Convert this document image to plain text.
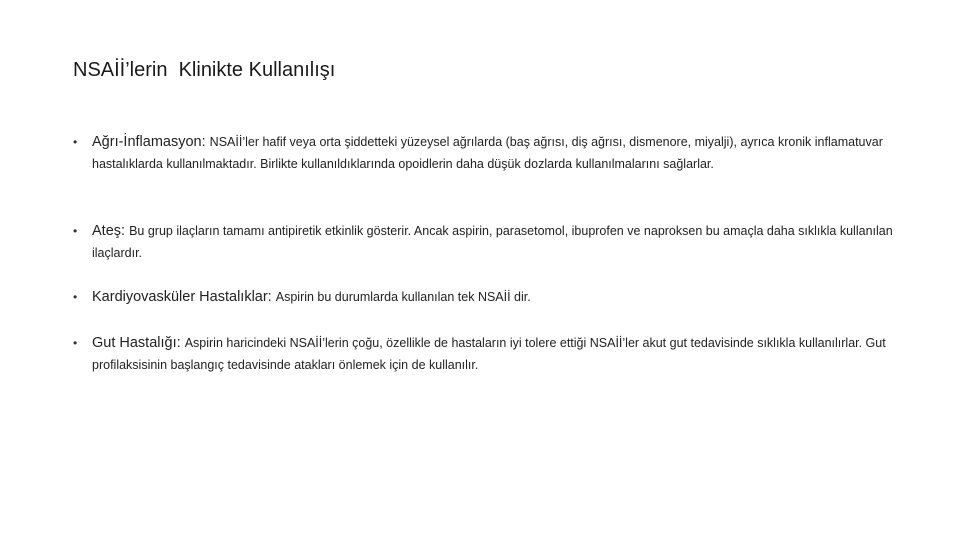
NSAİİ’lerin  Klinikte Kullanılışı
• Ağrı-İnflamasyon: NSAİİ’ler hafif veya orta şiddetteki yüzeysel ağrılarda (baş ağrısı, diş ağrısı, dismenore, miyalji), ayrıca kronik inflamatuvar hastalıklarda kullanılmaktadır. Birlikte kullanıldıklarında opoidlerin daha düşük dozlarda kullanılmalarını sağlarlar.
• Ateş: Bu grup ilaçların tamamı antipiretik etkinlik gösterir. Ancak aspirin, parasetomol, ibuprofen ve naproksen bu amaçla daha sıklıkla kullanılan ilaçlardır.
• Kardiyovasküler Hastalıklar: Aspirin bu durumlarda kullanılan tek NSAİİ dir.
• Gut Hastalığı: Aspirin haricindeki NSAİİ’lerin çoğu, özellikle de hastaların iyi tolere ettiği NSAİİ’ler akut gut tedavisinde sıklıkla kullanılırlar. Gut profilaksisinin başlangıç tedavisinde atakları önlemek için de kullanılır.
